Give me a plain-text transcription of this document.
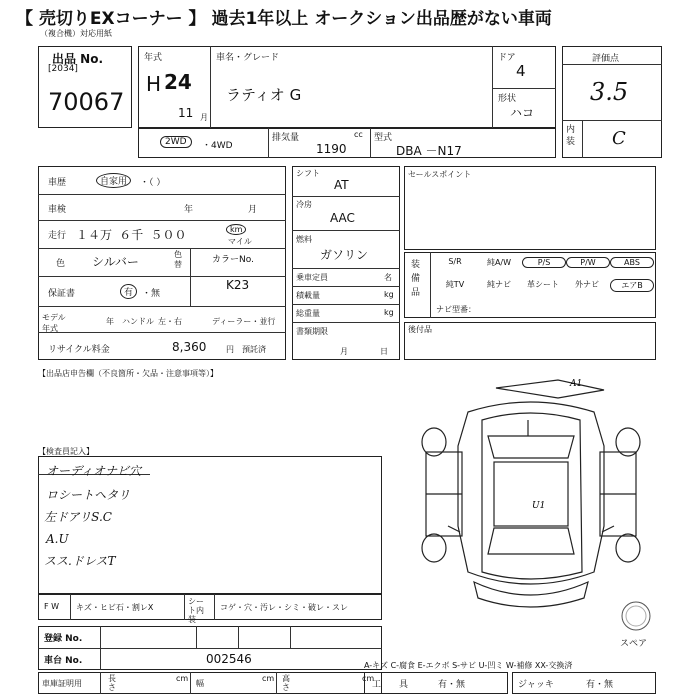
【 売切りEXコーナー 】 過去1年以上 オークション出品歴がない車両
（複合機）対応用紙
出品 No.
[2034]
70067
年式
H 24
11 月
車名・グレード
ラティオ G
ドア
4
形状
ハコ
評価点
3.5
内装 C
2WD	・4WD
排気量	cc
1190
型式
DBA －N17
車歴	自家用	・（ ）
車検	年	月
走行 １４万 ６千 ５００	km
マイル
色 シルバー
色替	カラーNo.
K23
保証書	有 ・無
モデル年式
年 ハンドル 左・右	ディーラー・並行
リサイクル料金	8,360 円 預託済
シフト
AT
冷房
AAC
燃料
ガソリン
乗車定員	名
積載量	kg
総重量	kg
書類期限
月	日
セールスポイント
装備品
S/R	純A/W	P/S	P/W	ABS
純TV	純ナビ	革シート	外ナビ	エアB
ナビ型番：
後付品
【出品店申告欄（不良箇所・欠品・注意事項等）】
【検査員記入】
オーディオナビ穴
ロシートヘタリ
左ドアリS.C
A.U
スス.ドレスT
A1
U1
スペア
F W キズ・ヒビ石・割レX
シート内装
コゲ・穴・汚レ・シミ・破レ・スレ
登録 No.
車台 No.	002546
車庫証明用
長さ
cm
幅
cm 高さ
cm
A-キズ C-腐食 E-エクボ S-サビ U-凹ミ W-補修 XX-交換済
工　　具	有・無	ジャッキ	有・無
